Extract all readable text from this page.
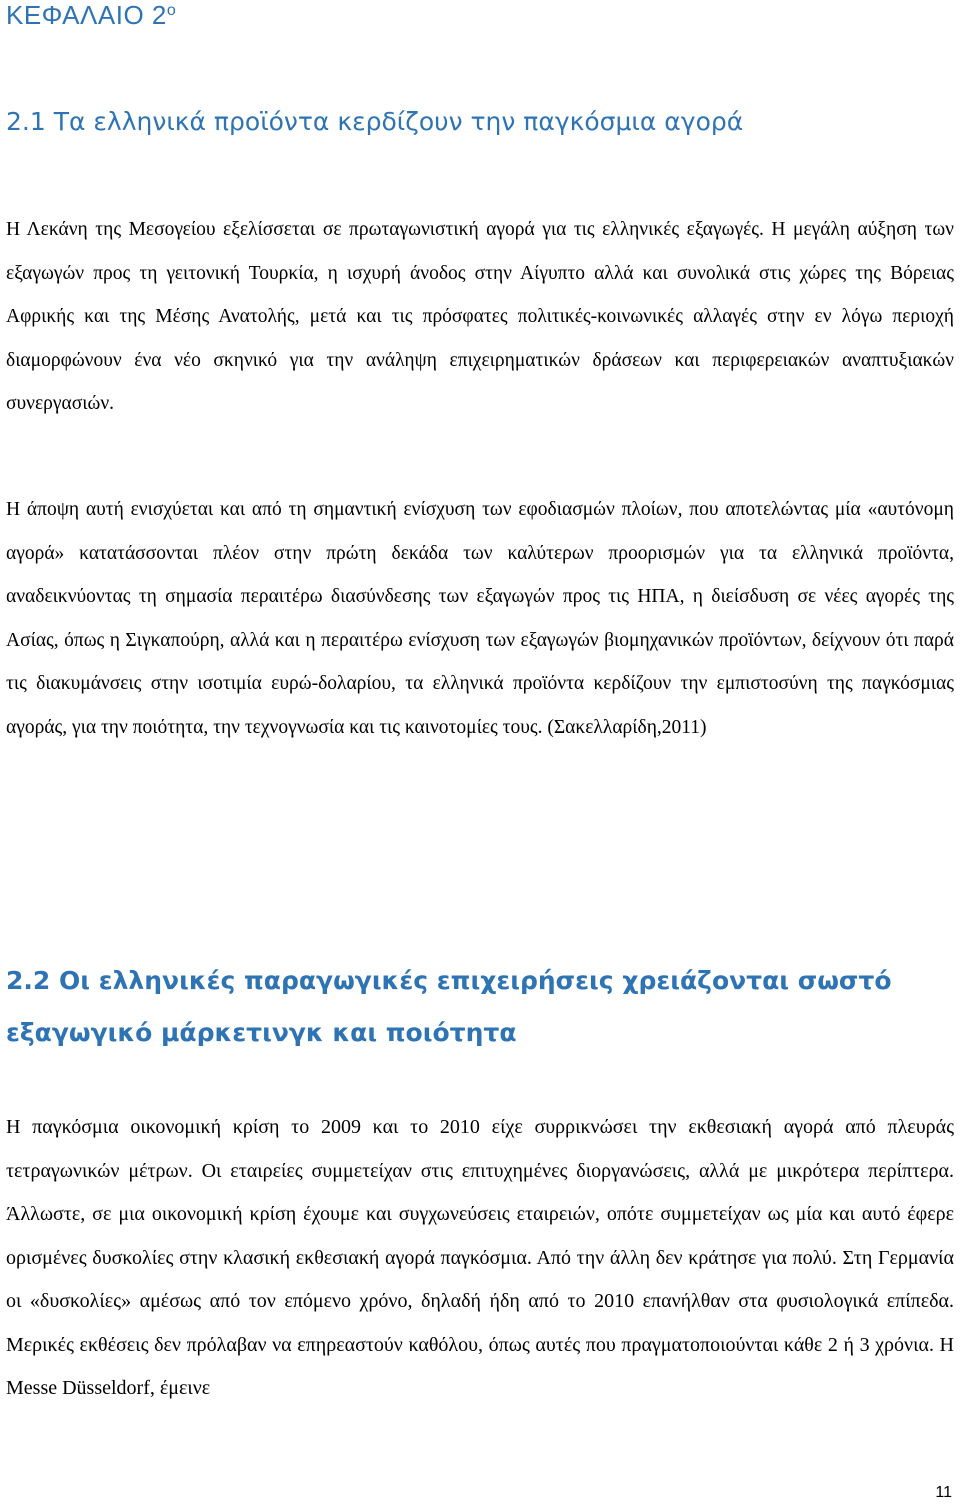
ΚΕΦΑΛΑΙΟ $2^o$
2.1 Τα ελληνικά προϊόντα κερδίζουν την παγκόσμια αγορά

Η Λεκάνη της Μεσογείου εξελίσσεται σε πρωταγωνιστική αγορά για τις ελληνικές εξαγωγές. Η μεγάλη αύξηση των εξαγωγών προς τη γειτονική Τουρκία, η ισχυρή άνοδος στην Αίγυπτο αλλά και συνολικά στις χώρες της Βόρειας Αφρικής και της Μέσης Ανατολής, μετά και τις πρόσφατες πολιτικές-κοινωνικές αλλαγές στην εν λόγω περιοχή διαμορφώνουν ένα νέο σκηνικό για την ανάληψη επιχειρηματικών δράσεων και περιφερειακών αναπτυξιακών συνεργασιών.

Η άποψη αυτή ενισχύεται και από τη σημαντική ενίσχυση των εφοδιασμών πλοίων, που αποτελώντας μία «αυτόνομη αγορά» κατατάσσονται πλέον στην πρώτη δεκάδα των καλύτερων προορισμών για τα ελληνικά προϊόντα, αναδεικνύοντας τη σημασία περαιτέρω διασύνδεσης των εξαγωγών προς τις ΗΠΑ, η διείσδυση σε νέες αγορές της Ασίας, όπως η Σιγκαπούρη, αλλά και η περαιτέρω ενίσχυση των εξαγωγών βιομηχανικών προϊόντων, δείχνουν ότι παρά τις διακυμάνσεις στην ισοτιμία ευρώ-δολαρίου, τα ελληνικά προϊόντα κερδίζουν την εμπιστοσύνη της παγκόσμιας αγοράς, για την ποιότητα, την τεχνογνωσία και τις καινοτομίες τους. (Σακελλαρίδη,2011)

2.2 Οι ελληνικές παραγωγικές επιχειρήσεις χρειάζονται σωστό
εξαγωγικό μάρκετινγκ και ποιότητα

Η παγκόσμια οικονομική κρίση το 2009 και το 2010 είχε συρρικνώσει την εκθεσιακή αγορά από πλευράς τετραγωνικών μέτρων. Οι εταιρείες συμμετείχαν στις επιτυχημένες διοργανώσεις, αλλά με μικρότερα περίπτερα. Άλλωστε, σε μια οικονομική κρίση έχουμε και συγχωνεύσεις εταιρειών, οπότε συμμετείχαν ως μία και αυτό έφερε ορισμένες δυσκολίες στην κλασική εκθεσιακή αγορά παγκόσμια. Από την άλλη δεν κράτησε για πολύ. Στη Γερμανία οι «δυσκολίες» αμέσως από τον επόμενο χρόνο, δηλαδή ήδη από το 2010 επανήλθαν στα φυσιολογικά επίπεδα. Μερικές εκθέσεις δεν πρόλαβαν να επηρεαστούν καθόλου, όπως αυτές που πραγματοποιούνται κάθε 2 ή 3 χρόνια. Η Messe Düsseldorf, έμεινε

11
